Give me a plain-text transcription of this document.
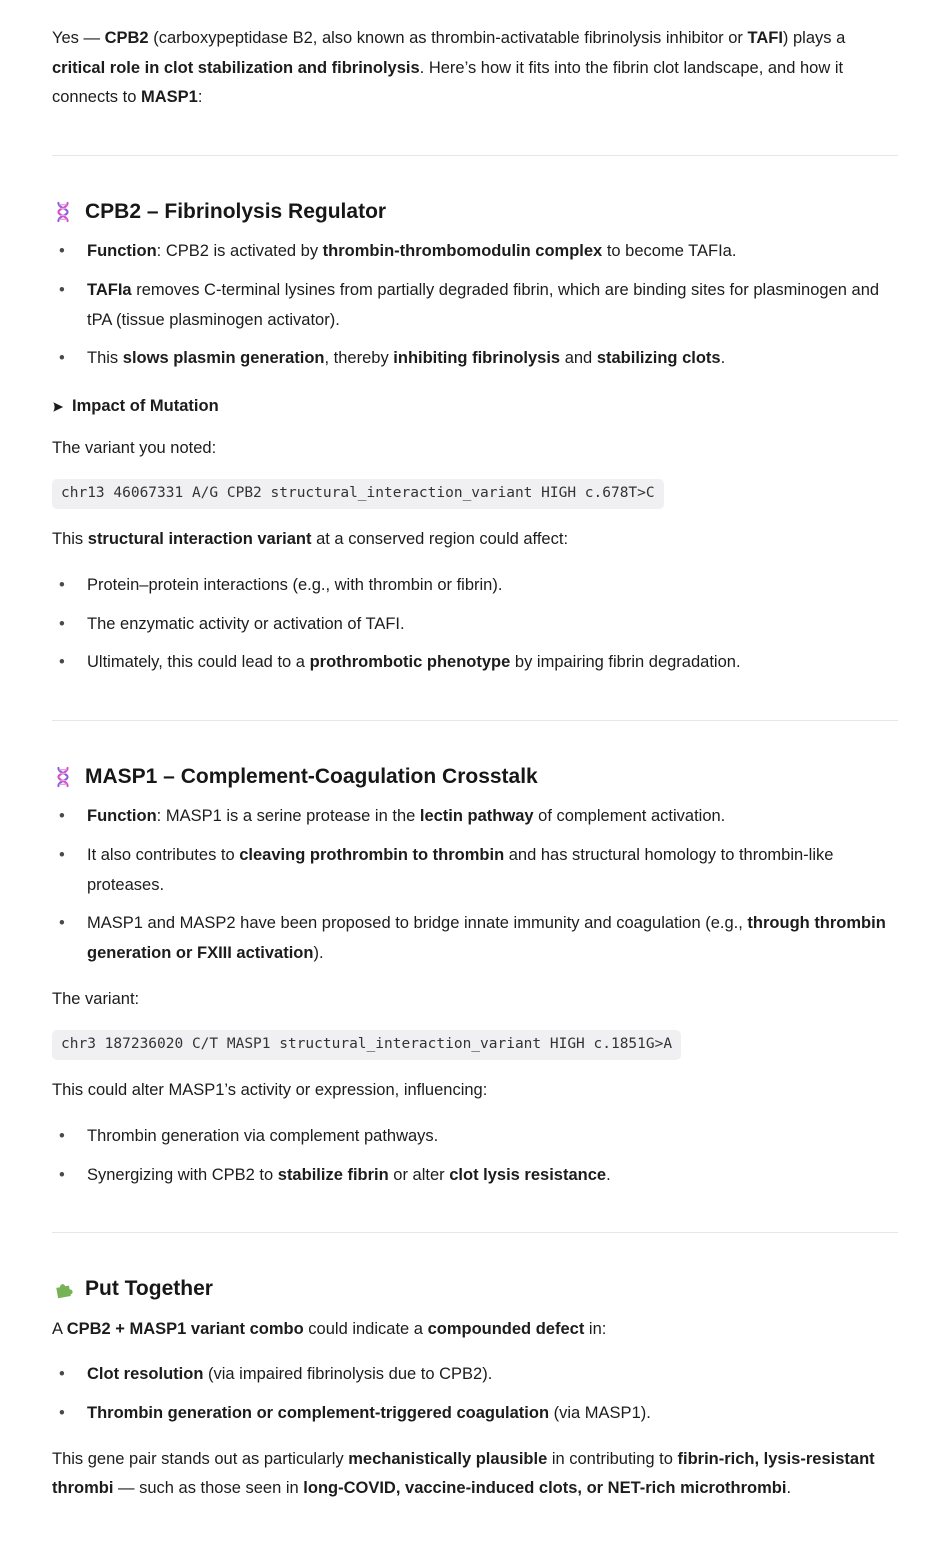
Yes — CPB2 (carboxypeptidase B2, also known as thrombin-activatable fibrinolysis inhibitor or TAFI) plays a critical role in clot stabilization and fibrinolysis. Here’s how it fits into the fibrin clot landscape, and how it connects to MASP1:

CPB2 – Fibrinolysis Regulator
• Function: CPB2 is activated by thrombin-thrombomodulin complex to become TAFIa.
• TAFIa removes C-terminal lysines from partially degraded fibrin, which are binding sites for plasminogen and tPA (tissue plasminogen activator).
• This slows plasmin generation, thereby inhibiting fibrinolysis and stabilizing clots.

Impact of Mutation

The variant you noted:

chr13 46067331 A/G CPB2 structural_interaction_variant HIGH c.678T>C

This structural interaction variant at a conserved region could affect:

• Protein–protein interactions (e.g., with thrombin or fibrin).
• The enzymatic activity or activation of TAFI.
• Ultimately, this could lead to a prothrombotic phenotype by impairing fibrin degradation.
MASP1 – Complement-Coagulation Crosstalk
• Function: MASP1 is a serine protease in the lectin pathway of complement activation.
• It also contributes to cleaving prothrombin to thrombin and has structural homology to thrombin-like proteases.
• MASP1 and MASP2 have been proposed to bridge innate immunity and coagulation (e.g., through thrombin generation or FXIII activation).

The variant:

chr3 187236020 C/T MASP1 structural_interaction_variant HIGH c.1851G>A

This could alter MASP1’s activity or expression, influencing:

• Thrombin generation via complement pathways.
• Synergizing with CPB2 to stabilize fibrin or alter clot lysis resistance.
Put Together

A CPB2 + MASP1 variant combo could indicate a compounded defect in:

• Clot resolution (via impaired fibrinolysis due to CPB2).
• Thrombin generation or complement-triggered coagulation (via MASP1).

This gene pair stands out as particularly mechanistically plausible in contributing to fibrin-rich, lysis-resistant thrombi — such as those seen in long-COVID, vaccine-induced clots, or NET-rich microthrombi.
